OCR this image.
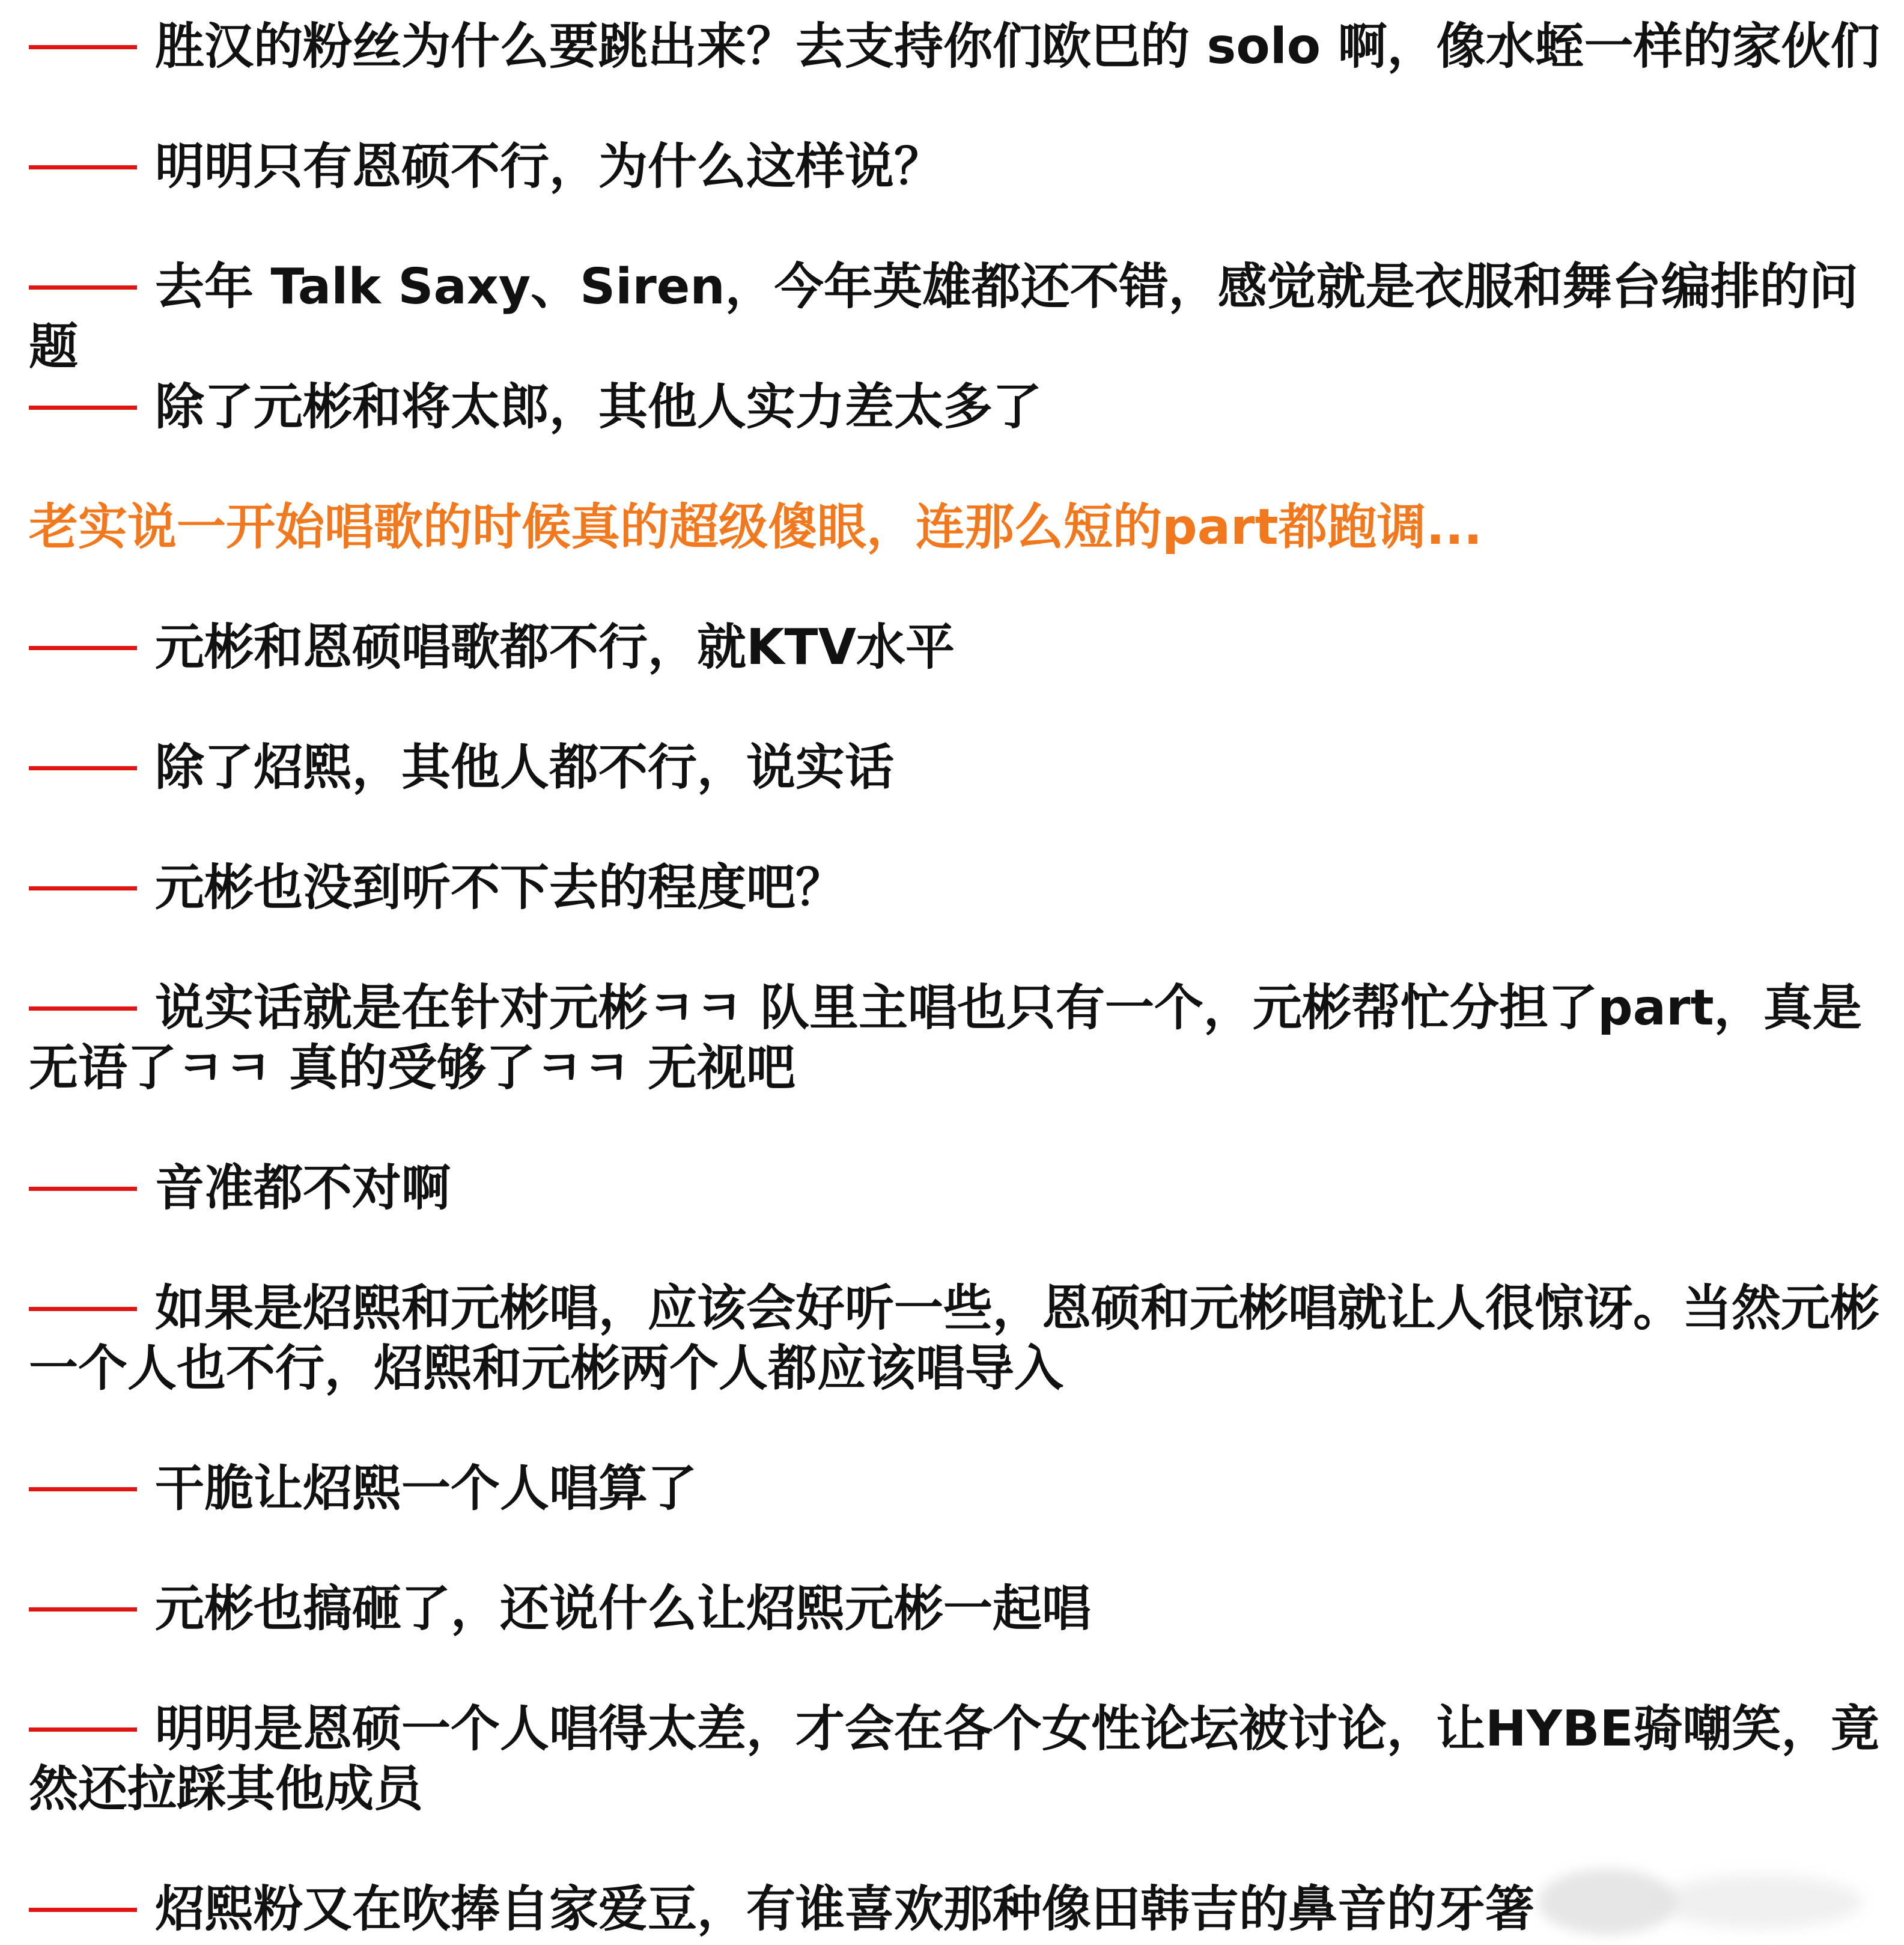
胜汉的粉丝为什么要跳出来？去支持你们欧巴的 solo 啊，像水蛭一样的家伙们
明明只有恩硕不行，为什么这样说？
去年 Talk Saxy、Siren，今年英雄都还不错，感觉就是衣服和舞台编排的问题
除了元彬和将太郎，其他人实力差太多了
老实说一开始唱歌的时候真的超级傻眼，连那么短的part都跑调...
元彬和恩硕唱歌都不行，就KTV水平
除了炤熙，其他人都不行，说实话
元彬也没到听不下去的程度吧？
说实话就是在针对元彬ㅋㅋ 队里主唱也只有一个，元彬帮忙分担了part，真是无语了ㅋㅋ 真的受够了ㅋㅋ 无视吧
音准都不对啊
如果是炤熙和元彬唱，应该会好听一些，恩硕和元彬唱就让人很惊讶。当然元彬一个人也不行，炤熙和元彬两个人都应该唱导入
干脆让炤熙一个人唱算了
元彬也搞砸了，还说什么让炤熙元彬一起唱
明明是恩硕一个人唱得太差，才会在各个女性论坛被讨论，让HYBE骑嘲笑，竟然还拉踩其他成员
炤熙粉又在吹捧自家爱豆，有谁喜欢那种像田韩吉的鼻音的牙箸
